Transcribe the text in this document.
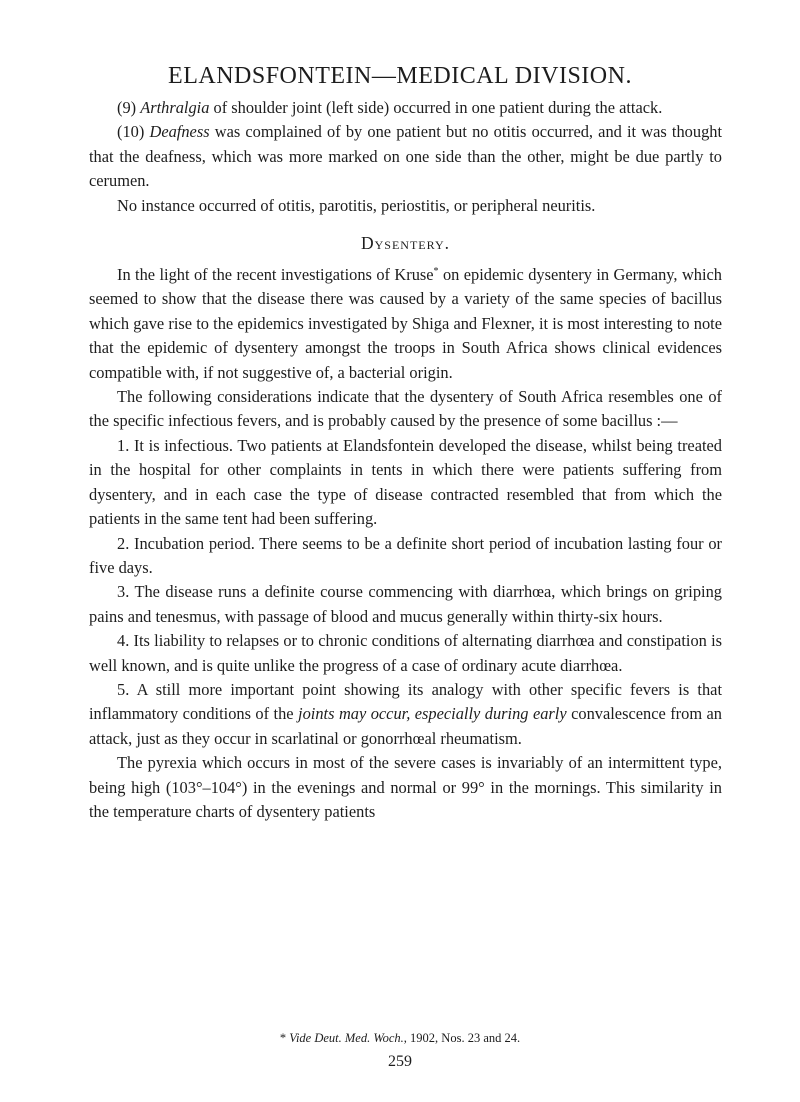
ELANDSFONTEIN—MEDICAL DIVISION.

(9) Arthralgia of shoulder joint (left side) occurred in one patient during the attack.

(10) Deafness was complained of by one patient but no otitis occurred, and it was thought that the deafness, which was more marked on one side than the other, might be due partly to cerumen.

No instance occurred of otitis, parotitis, periostitis, or peripheral neuritis.

Dysentery.

In the light of the recent investigations of Kruse* on epidemic dysentery in Germany, which seemed to show that the disease there was caused by a variety of the same species of bacillus which gave rise to the epidemics investigated by Shiga and Flexner, it is most interesting to note that the epidemic of dysentery amongst the troops in South Africa shows clinical evidences compatible with, if not suggestive of, a bacterial origin.

The following considerations indicate that the dysentery of South Africa resembles one of the specific infectious fevers, and is probably caused by the presence of some bacillus :—

1. It is infectious. Two patients at Elandsfontein developed the disease, whilst being treated in the hospital for other complaints in tents in which there were patients suffering from dysentery, and in each case the type of disease contracted resembled that from which the patients in the same tent had been suffering.

2. Incubation period. There seems to be a definite short period of incubation lasting four or five days.

3. The disease runs a definite course commencing with diarrhœa, which brings on griping pains and tenesmus, with passage of blood and mucus generally within thirty-six hours.

4. Its liability to relapses or to chronic conditions of alternating diarrhœa and constipation is well known, and is quite unlike the progress of a case of ordinary acute diarrhœa.

5. A still more important point showing its analogy with other specific fevers is that inflammatory conditions of the joints may occur, especially during early convalescence from an attack, just as they occur in scarlatinal or gonorrhœal rheumatism.

The pyrexia which occurs in most of the severe cases is invariably of an intermittent type, being high (103°–104°) in the evenings and normal or 99° in the mornings. This similarity in the temperature charts of dysentery patients

* Vide Deut. Med. Woch., 1902, Nos. 23 and 24.
259
